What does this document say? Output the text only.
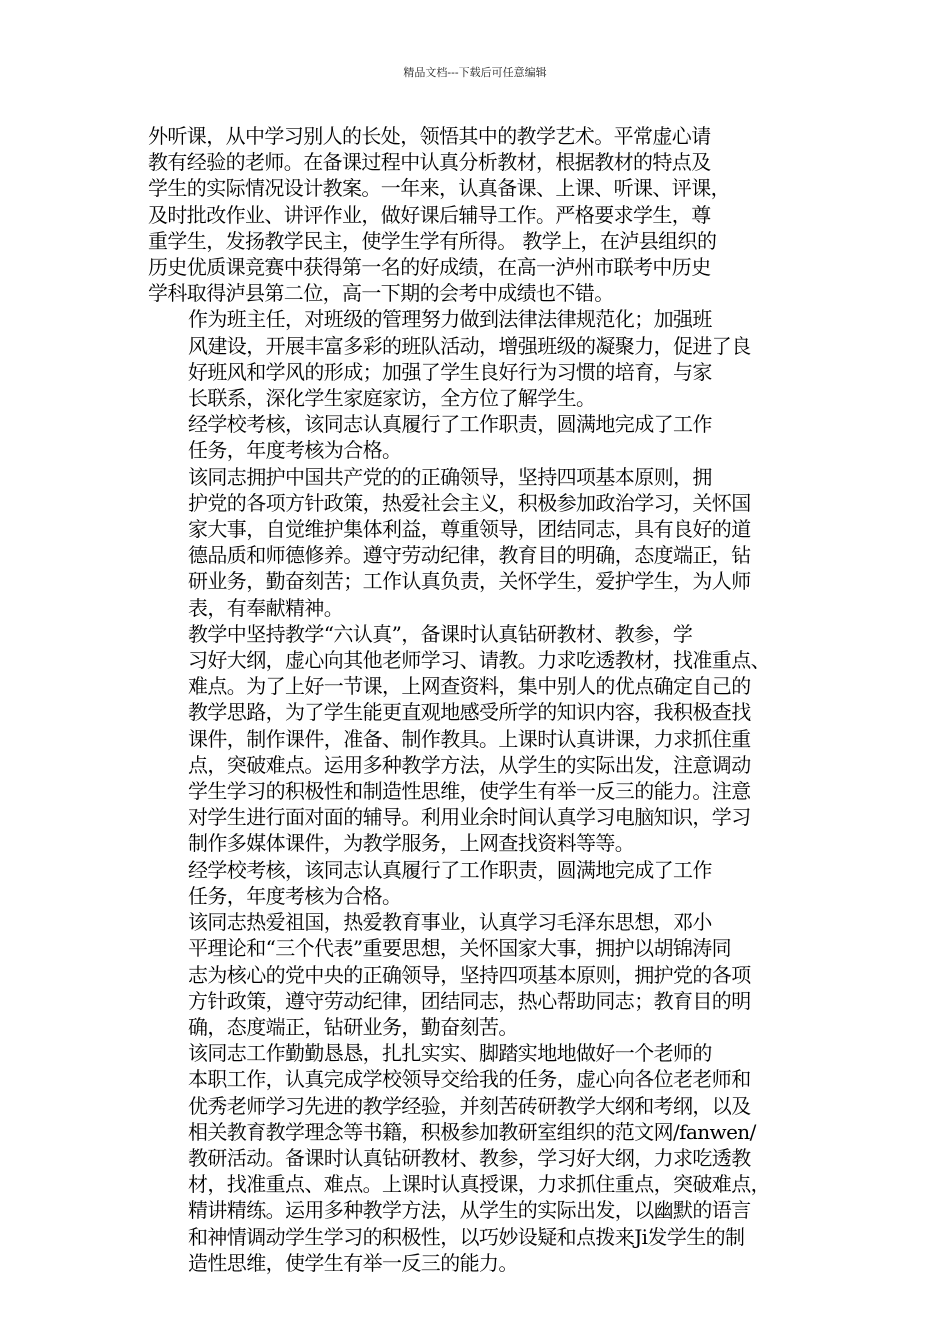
精品文档---下载后可任意编辑

外听课，从中学习别人的长处，领悟其中的教学艺术。平常虚心请
教有经验的老师。在备课过程中认真分析教材，根据教材的特点及
学生的实际情况设计教案。一年来，认真备课、上课、听课、评课，
及时批改作业、讲评作业，做好课后辅导工作。严格要求学生，尊
重学生，发扬教学民主，使学生学有所得。 教学上，在泸县组织的
历史优质课竞赛中获得第一名的好成绩，在高一泸州市联考中历史
学科取得泸县第二位，高一下期的会考中成绩也不错。

作为班主任，对班级的管理努力做到法律法律规范化；加强班
风建设，开展丰富多彩的班队活动，增强班级的凝聚力，促进了良
好班风和学风的形成；加强了学生良好行为习惯的培育，与家

长联系，深化学生家庭家访，全方位了解学生。

经学校考核，该同志认真履行了工作职责，圆满地完成了工作
任务，年度考核为合格。

该同志拥护中国共产党的的正确领导，坚持四项基本原则，拥
护党的各项方针政策，热爱社会主义，积极参加政治学习，关怀国
家大事，自觉维护集体利益，尊重领导，团结同志，具有良好的道
德品质和师德修养。遵守劳动纪律，教育目的明确，态度端正，钻
研业务，勤奋刻苦；工作认真负责，关怀学生，爱护学生，为人师
表，有奉献精神。

教学中坚持教学“六认真”，备课时认真钻研教材、教参，学
习好大纲，虚心向其他老师学习、请教。力求吃透教材，找准重点、
难点。为了上好一节课，上网查资料，集中别人的优点确定自己的
教学思路，为了学生能更直观地感受所学的知识内容，我积极查找
课件，制作课件，准备、制作教具。上课时认真讲课，力求抓住重
点，突破难点。运用多种教学方法，从学生的实际出发，注意调动
学生学习的积极性和制造性思维，使学生有举一反三的能力。注意
对学生进行面对面的辅导。利用业余时间认真学习电脑知识，学习
制作多媒体课件，为教学服务，上网查找资料等等。

经学校考核，该同志认真履行了工作职责，圆满地完成了工作
任务，年度考核为合格。

该同志热爱祖国，热爱教育事业，认真学习毛泽东思想，邓小
平理论和“三个代表”重要思想，关怀国家大事，拥护以胡锦涛同
志为核心的党中央的正确领导，坚持四项基本原则，拥护党的各项
方针政策，遵守劳动纪律，团结同志，热心帮助同志；教育目的明
确，态度端正，钻研业务，勤奋刻苦。

该同志工作勤勤恳恳，扎扎实实、脚踏实地地做好一个老师的
本职工作，认真完成学校领导交给我的任务，虚心向各位老老师和
优秀老师学习先进的教学经验，并刻苦砖研教学大纲和考纲，以及
相关教育教学理念等书籍，积极参加教研室组织的范文网/fanwen/
教研活动。备课时认真钻研教材、教参，学习好大纲，力求吃透教
材，找准重点、难点。上课时认真授课，力求抓住重点，突破难点，
精讲精练。运用多种教学方法，从学生的实际出发，以幽默的语言
和神情调动学生学习的积极性，以巧妙设疑和点拨来Ji发学生的制
造性思维，使学生有举一反三的能力。
